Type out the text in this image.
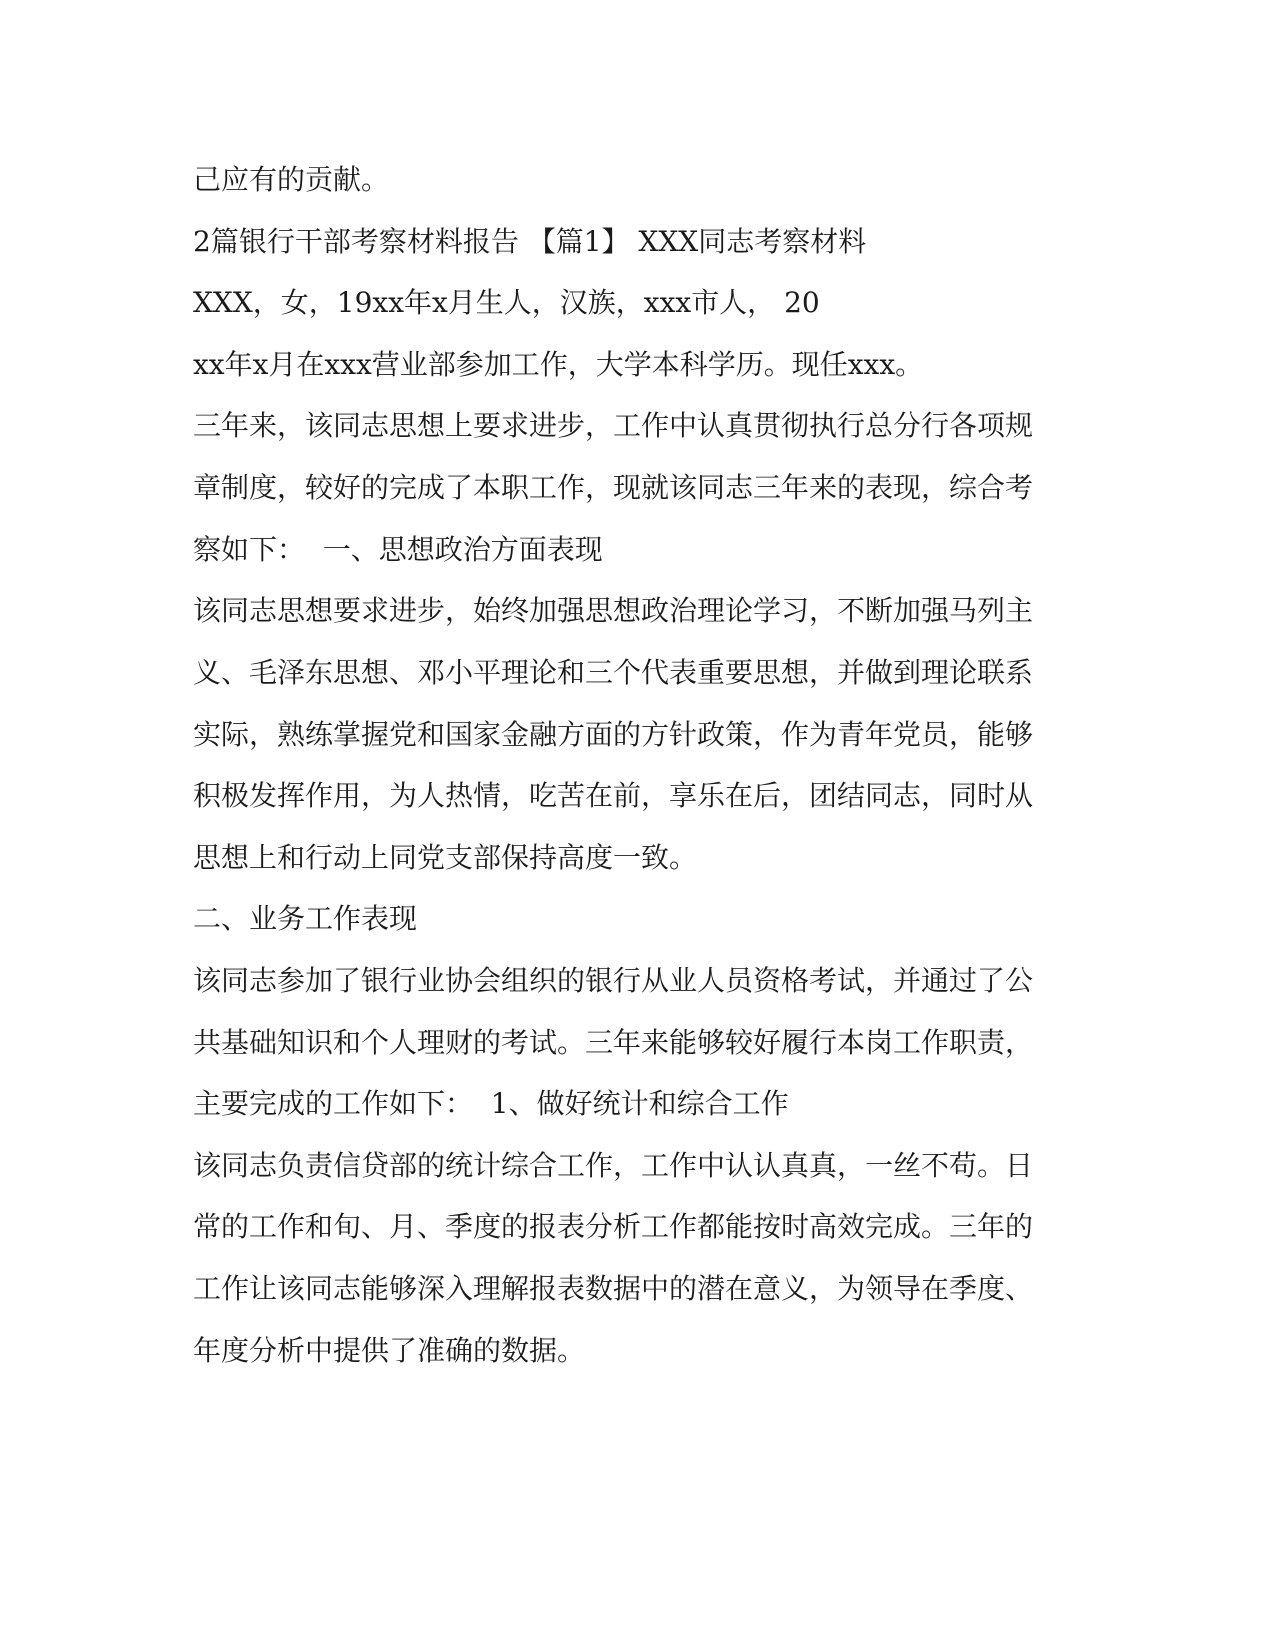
己应有的贡献。
2篇银行干部考察材料报告 【篇1】 XXX同志考察材料
XXX，女，19xx年x月生人，汉族，xxx市人， 20
xx年x月在xxx营业部参加工作，大学本科学历。现任xxx。
三年来，该同志思想上要求进步，工作中认真贯彻执行总分行各项规
章制度，较好的完成了本职工作，现就该同志三年来的表现，综合考
察如下：  一、思想政治方面表现
该同志思想要求进步，始终加强思想政治理论学习，不断加强马列主
义、毛泽东思想、邓小平理论和三个代表重要思想，并做到理论联系
实际，熟练掌握党和国家金融方面的方针政策，作为青年党员，能够
积极发挥作用，为人热情，吃苦在前，享乐在后，团结同志，同时从
思想上和行动上同党支部保持高度一致。
二、业务工作表现
该同志参加了银行业协会组织的银行从业人员资格考试，并通过了公
共基础知识和个人理财的考试。三年来能够较好履行本岗工作职责，
主要完成的工作如下：  1、做好统计和综合工作
该同志负责信贷部的统计综合工作，工作中认认真真，一丝不苟。日
常的工作和旬、月、季度的报表分析工作都能按时高效完成。三年的
工作让该同志能够深入理解报表数据中的潜在意义，为领导在季度、
年度分析中提供了准确的数据。
